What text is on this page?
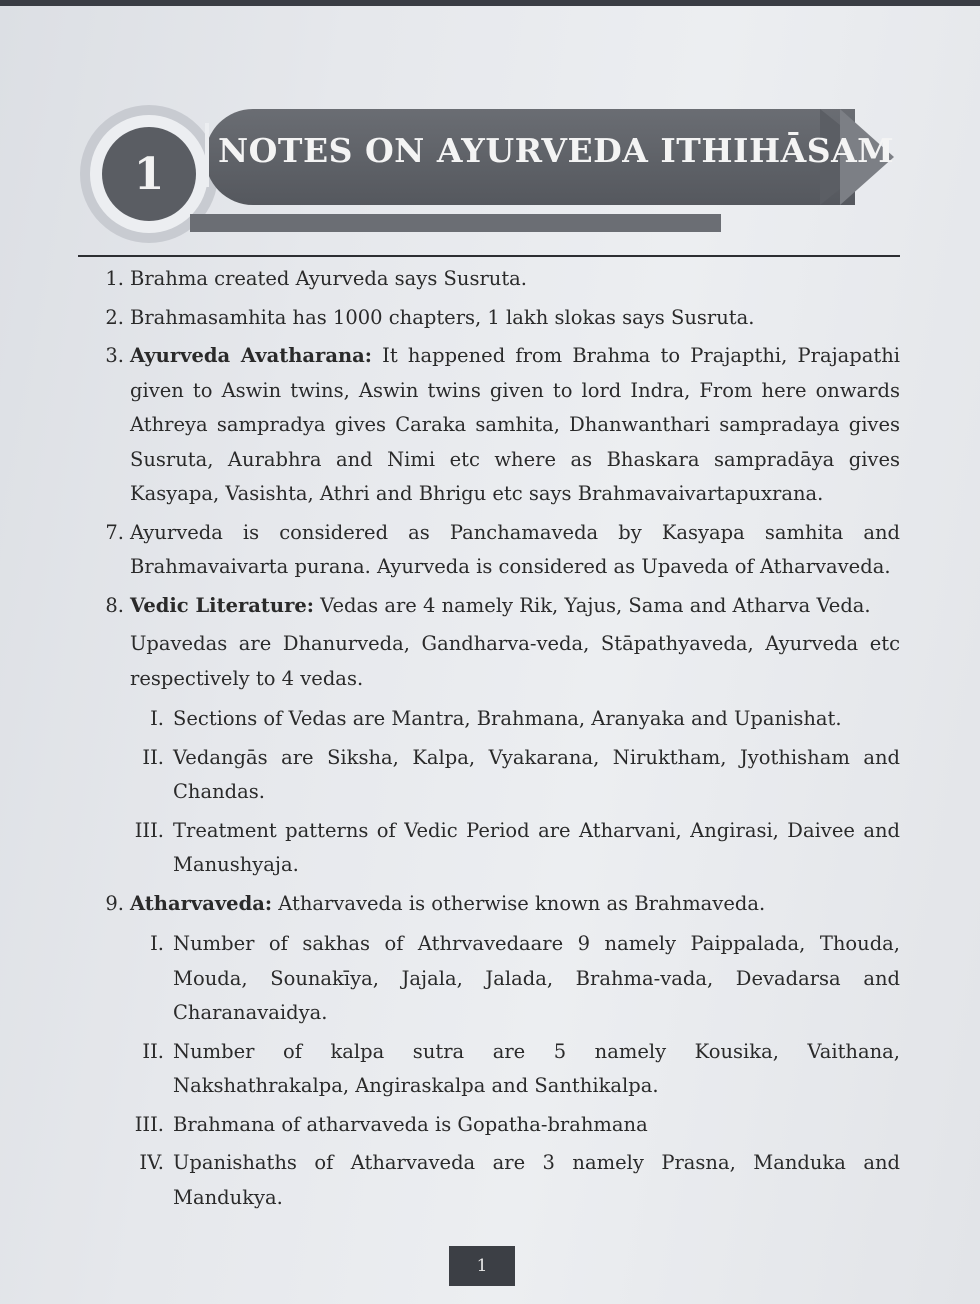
1 NOTES ON AYURVEDA ITHIHĀSAM

1. Brahma created Ayurveda says Susruta.

2. Brahmasamhita has 1000 chapters, 1 lakh slokas says Susruta.

3. Ayurveda Avatharana: It happened from Brahma to Prajapthi, Prajapathi given to Aswin twins, Aswin twins given to lord Indra, From here onwards Athreya sampradya gives Caraka samhita, Dhanwanthari sampradaya gives Susruta, Aurabhra and Nimi etc where as Bhaskara sampradāya gives Kasyapa, Vasishta, Athri and Bhrigu etc says Brahmavaivartapuxrana.

7. Ayurveda is considered as Panchamaveda by Kasyapa samhita and Brahmavaivarta purana. Ayurveda is considered as Upaveda of Atharvaveda.

8. Vedic Literature: Vedas are 4 namely Rik, Yajus, Sama and Atharva Veda.

Upavedas are Dhanurveda, Gandharva-veda, Stāpathyaveda, Ayurveda etc respectively to 4 vedas.

I. Sections of Vedas are Mantra, Brahmana, Aranyaka and Upanishat.

II. Vedangās are Siksha, Kalpa, Vyakarana, Niruktham, Jyothisham and Chandas.

III. Treatment patterns of Vedic Period are Atharvani, Angirasi, Daivee and Manushyaja.

9. Atharvaveda: Atharvaveda is otherwise known as Brahmaveda.

I. Number of sakhas of Athrvavedaare 9 namely Paippalada, Thouda, Mouda, Sounakīya, Jajala, Jalada, Brahma-vada, Devadarsa and Charanavaidya.

II. Number of kalpa sutra are 5 namely Kousika, Vaithana, Nakshathrakalpa, Angiraskalpa and Santhikalpa.

III. Brahmana of atharvaveda is Gopatha-brahmana

IV. Upanishaths of Atharvaveda are 3 namely Prasna, Manduka and Mandukya.

1
